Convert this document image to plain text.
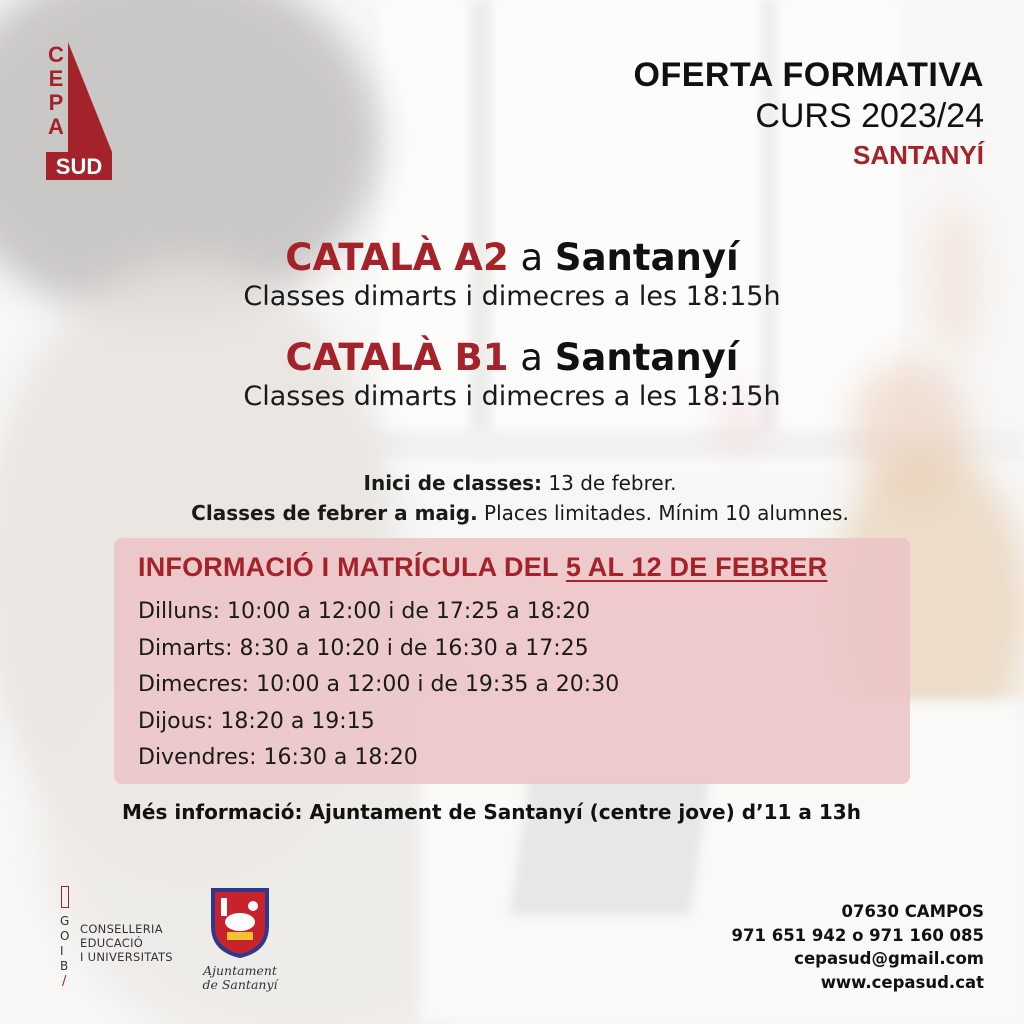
C
E
P
A
SUD
OFERTA FORMATIVA
CURS 2023/24
SANTANYÍ
CATALÀ A2 a Santanyí
Classes dimarts i dimecres a les 18:15h
CATALÀ B1 a Santanyí
Classes dimarts i dimecres a les 18:15h
Inici de classes: 13 de febrer.
Classes de febrer a maig. Places limitades. Mínim 10 alumnes.
INFORMACIÓ I MATRÍCULA DEL 5 AL 12 DE FEBRER
Dilluns: 10:00 a 12:00 i de 17:25 a 18:20
Dimarts: 8:30 a 10:20 i de 16:30 a 17:25
Dimecres: 10:00 a 12:00 i de 19:35 a 20:30
Dijous: 18:20 a 19:15
Divendres: 16:30 a 18:20
Més informació: Ajuntament de Santanyí (centre jove) d’11 a 13h
G
O
I
B
/
CONSELLERIA
EDUCACIÓ
I UNIVERSITATS
Ajuntament
de Santanyí
07630 CAMPOS
971 651 942 o 971 160 085
cepasud@gmail.com
www.cepasud.cat
